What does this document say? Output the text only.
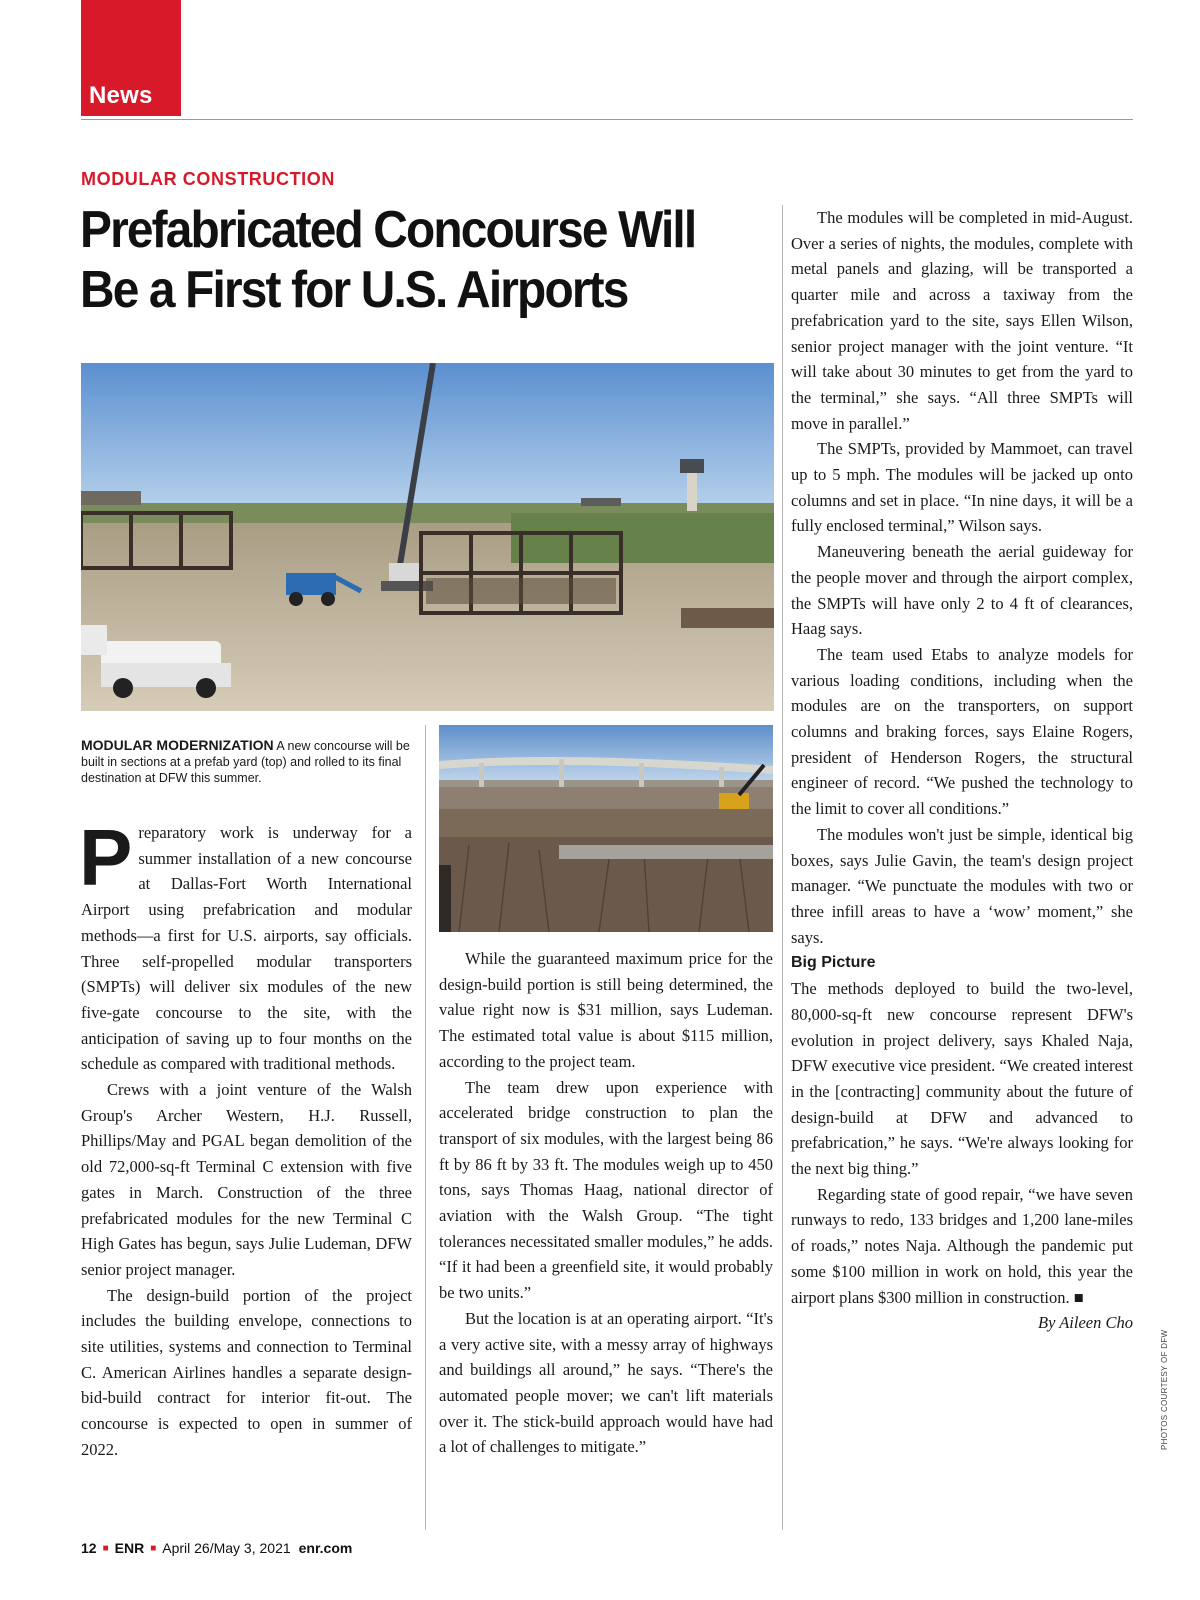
News
MODULAR CONSTRUCTION
Prefabricated Concourse Will Be a First for U.S. Airports
MODULAR MODERNIZATION A new concourse will be built in sections at a prefab yard (top) and rolled to its final destination at DFW this summer.

Preparatory work is underway for a summer installation of a new concourse at Dallas-Fort Worth International Airport using prefabrication and modular methods—a first for U.S. airports, say officials. Three self-propelled modular transporters (SMPTs) will deliver six modules of the new five-gate concourse to the site, with the anticipation of saving up to four months on the schedule as compared with traditional methods.

Crews with a joint venture of the Walsh Group's Archer Western, H.J. Russell, Phillips/May and PGAL began demolition of the old 72,000-sq-ft Terminal C extension with five gates in March. Construction of the three prefabricated modules for the new Terminal C High Gates has begun, says Julie Ludeman, DFW senior project manager.

The design-build portion of the project includes the building envelope, connections to site utilities, systems and connection to Terminal C. American Airlines handles a separate design-bid-build contract for interior fit-out. The concourse is expected to open in summer of 2022.

While the guaranteed maximum price for the design-build portion is still being determined, the value right now is $31 million, says Ludeman. The estimated total value is about $115 million, according to the project team.

The team drew upon experience with accelerated bridge construction to plan the transport of six modules, with the largest being 86 ft by 86 ft by 33 ft. The modules weigh up to 450 tons, says Thomas Haag, national director of aviation with the Walsh Group. “The tight tolerances necessitated smaller modules,” he adds. “If it had been a greenfield site, it would probably be two units.”

But the location is at an operating airport. “It's a very active site, with a messy array of highways and buildings all around,” he says. “There's the automated people mover; we can't lift materials over it. The stick-build approach would have had a lot of challenges to mitigate.”

The modules will be completed in mid-August. Over a series of nights, the modules, complete with metal panels and glazing, will be transported a quarter mile and across a taxiway from the prefabrication yard to the site, says Ellen Wilson, senior project manager with the joint venture. “It will take about 30 minutes to get from the yard to the terminal,” she says. “All three SMPTs will move in parallel.”

The SMPTs, provided by Mammoet, can travel up to 5 mph. The modules will be jacked up onto columns and set in place. “In nine days, it will be a fully enclosed terminal,” Wilson says.

Maneuvering beneath the aerial guideway for the people mover and through the airport complex, the SMPTs will have only 2 to 4 ft of clearances, Haag says.

The team used Etabs to analyze models for various loading conditions, including when the modules are on the transporters, on support columns and braking forces, says Elaine Rogers, president of Henderson Rogers, the structural engineer of record. “We pushed the technology to the limit to cover all conditions.”

The modules won't just be simple, identical big boxes, says Julie Gavin, the team's design project manager. “We punctuate the modules with two or three infill areas to have a ‘wow’ moment,” she says.

Big Picture

The methods deployed to build the two-level, 80,000-sq-ft new concourse represent DFW's evolution in project delivery, says Khaled Naja, DFW executive vice president. “We created interest in the [contracting] community about the future of design-build at DFW and advanced to prefabrication,” he says. “We're always looking for the next big thing.”

Regarding state of good repair, “we have seven runways to redo, 133 bridges and 1,200 lane-miles of roads,” notes Naja. Although the pandemic put some $100 million in work on hold, this year the airport plans $300 million in construction. ■

By Aileen Cho

PHOTOS COURTESY OF DFW
12 ■ ENR ■ April 26/May 3, 2021 enr.com
